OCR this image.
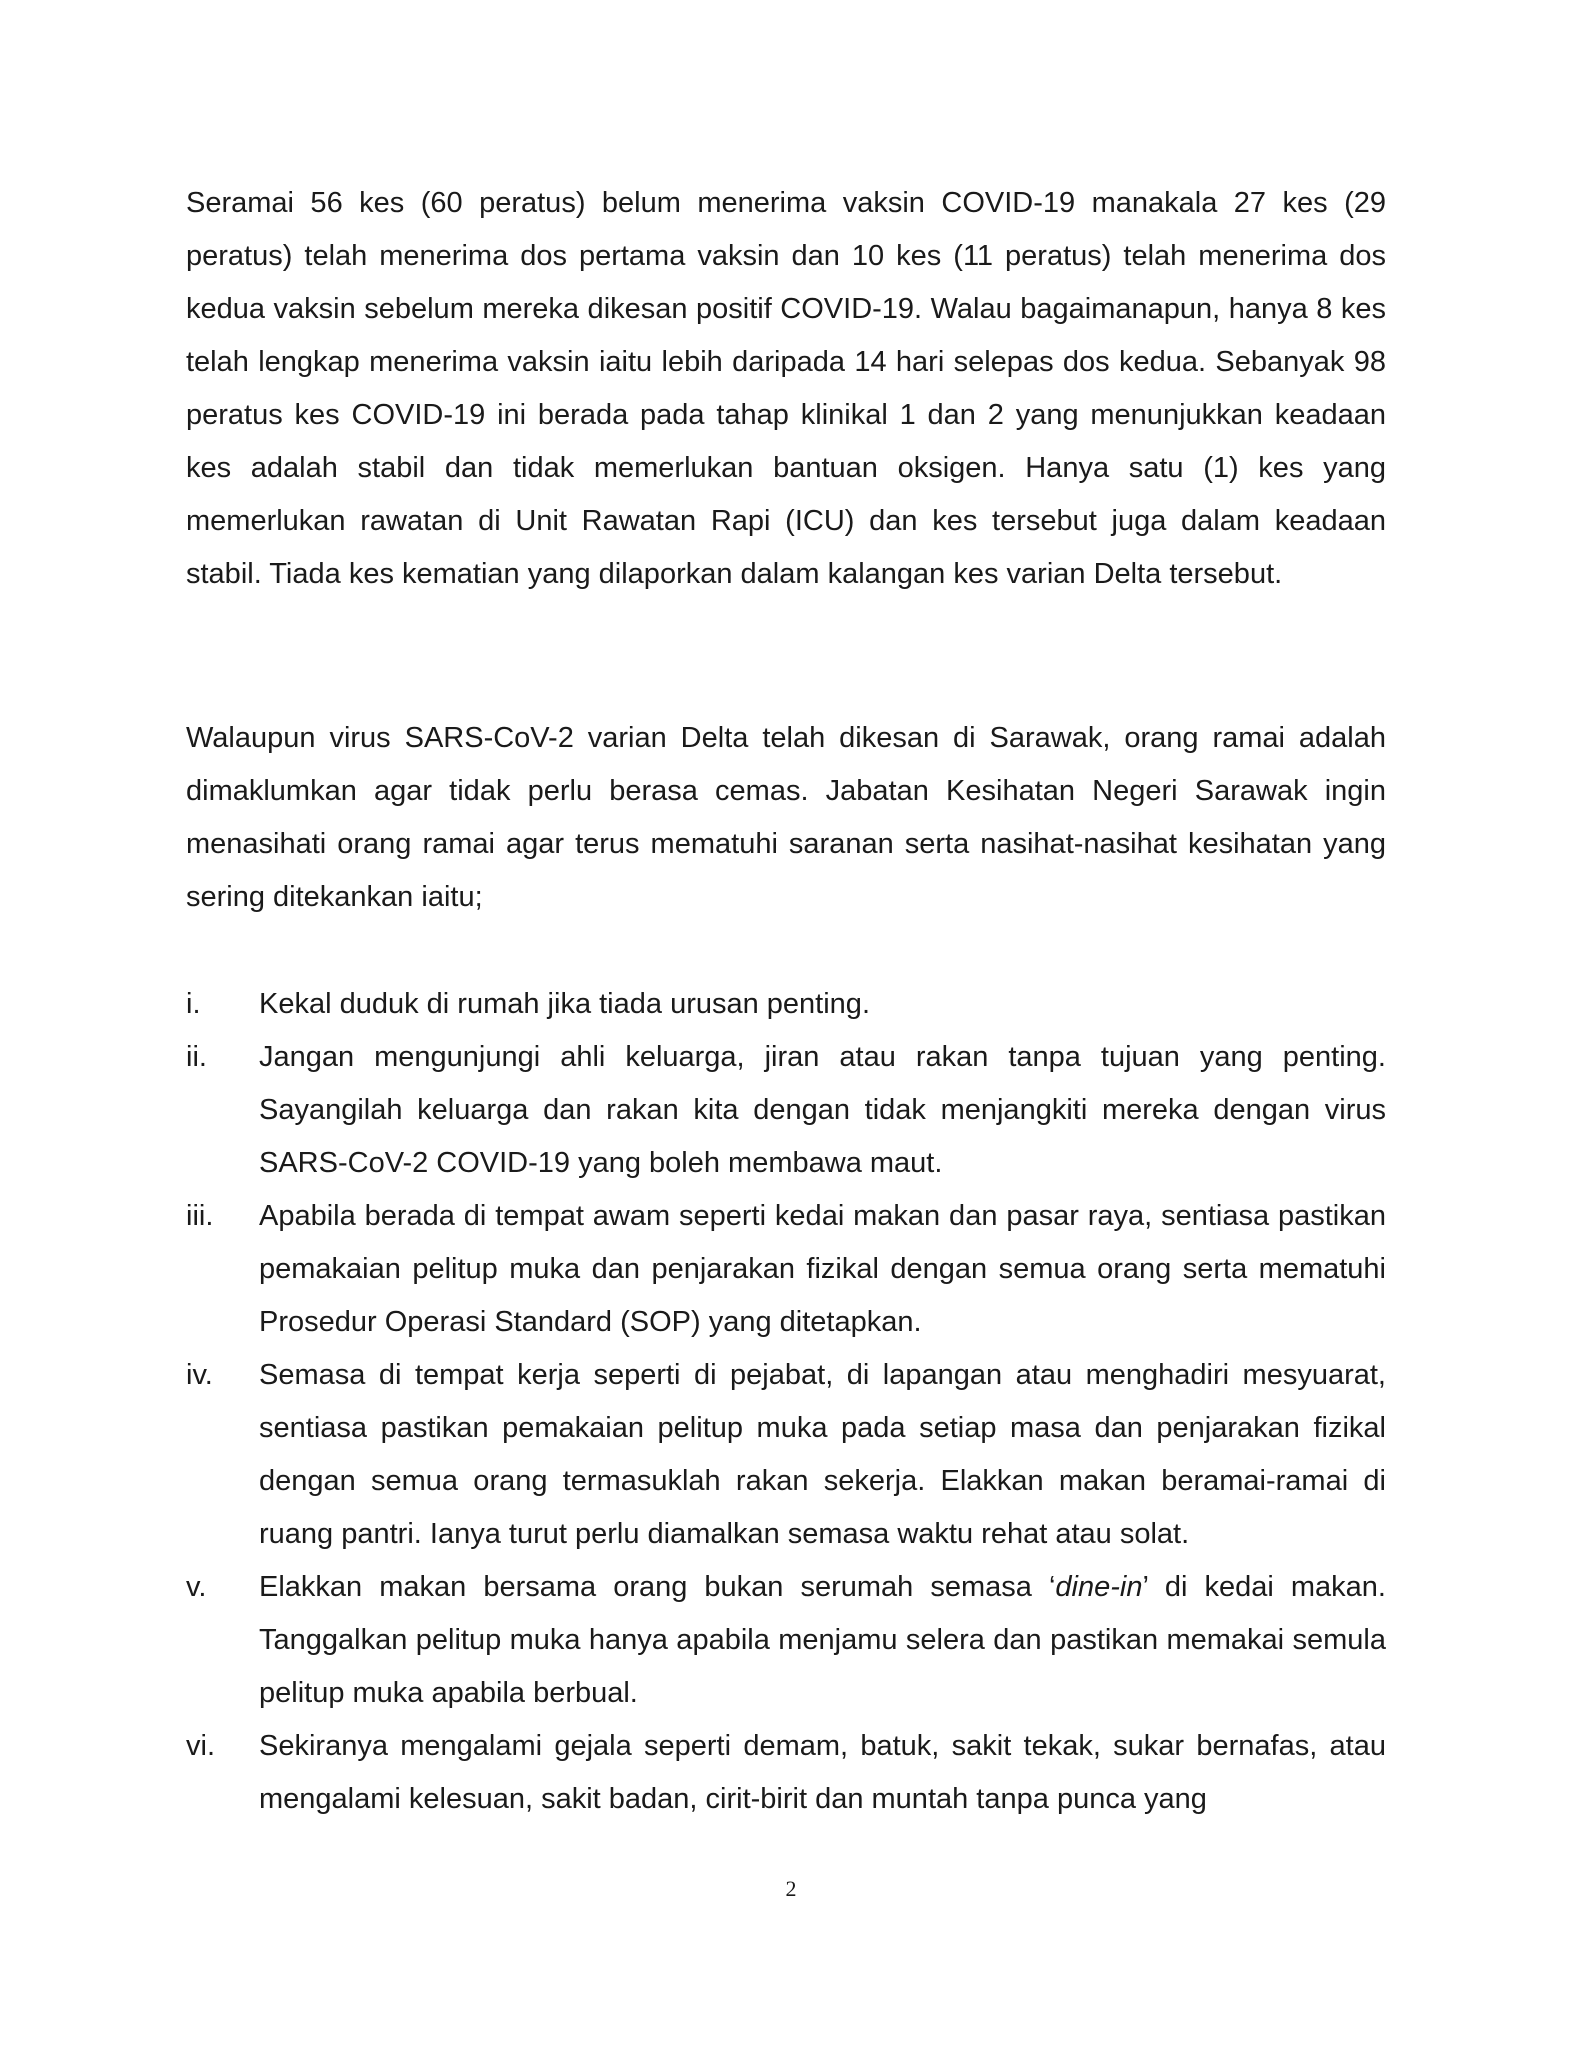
Seramai 56 kes (60 peratus) belum menerima vaksin COVID-19 manakala 27 kes (29 peratus) telah menerima dos pertama vaksin dan 10 kes (11 peratus) telah menerima dos kedua vaksin sebelum mereka dikesan positif COVID-19. Walau bagaimanapun, hanya 8 kes telah lengkap menerima vaksin iaitu lebih daripada 14 hari selepas dos kedua. Sebanyak 98 peratus kes COVID-19 ini berada pada tahap klinikal 1 dan 2 yang menunjukkan keadaan kes adalah stabil dan tidak memerlukan bantuan oksigen. Hanya satu (1) kes yang memerlukan rawatan di Unit Rawatan Rapi (ICU) dan kes tersebut juga dalam keadaan stabil. Tiada kes kematian yang dilaporkan dalam kalangan kes varian Delta tersebut.

Walaupun virus SARS-CoV-2 varian Delta telah dikesan di Sarawak, orang ramai adalah dimaklumkan agar tidak perlu berasa cemas. Jabatan Kesihatan Negeri Sarawak ingin menasihati orang ramai agar terus mematuhi saranan serta nasihat-nasihat kesihatan yang sering ditekankan iaitu;

i.	Kekal duduk di rumah jika tiada urusan penting.
ii.	Jangan mengunjungi ahli keluarga, jiran atau rakan tanpa tujuan yang penting. Sayangilah keluarga dan rakan kita dengan tidak menjangkiti mereka dengan virus SARS-CoV-2 COVID-19 yang boleh membawa maut.
iii.	Apabila berada di tempat awam seperti kedai makan dan pasar raya, sentiasa pastikan pemakaian pelitup muka dan penjarakan fizikal dengan semua orang serta mematuhi Prosedur Operasi Standard (SOP) yang ditetapkan.
iv.	Semasa di tempat kerja seperti di pejabat, di lapangan atau menghadiri mesyuarat, sentiasa pastikan pemakaian pelitup muka pada setiap masa dan penjarakan fizikal dengan semua orang termasuklah rakan sekerja. Elakkan makan beramai-ramai di ruang pantri. Ianya turut perlu diamalkan semasa waktu rehat atau solat.
v.	Elakkan makan bersama orang bukan serumah semasa ‘dine-in’ di kedai makan. Tanggalkan pelitup muka hanya apabila menjamu selera dan pastikan memakai semula pelitup muka apabila berbual.
vi.	Sekiranya mengalami gejala seperti demam, batuk, sakit tekak, sukar bernafas, atau mengalami kelesuan, sakit badan, cirit-birit dan muntah tanpa punca yang
2
